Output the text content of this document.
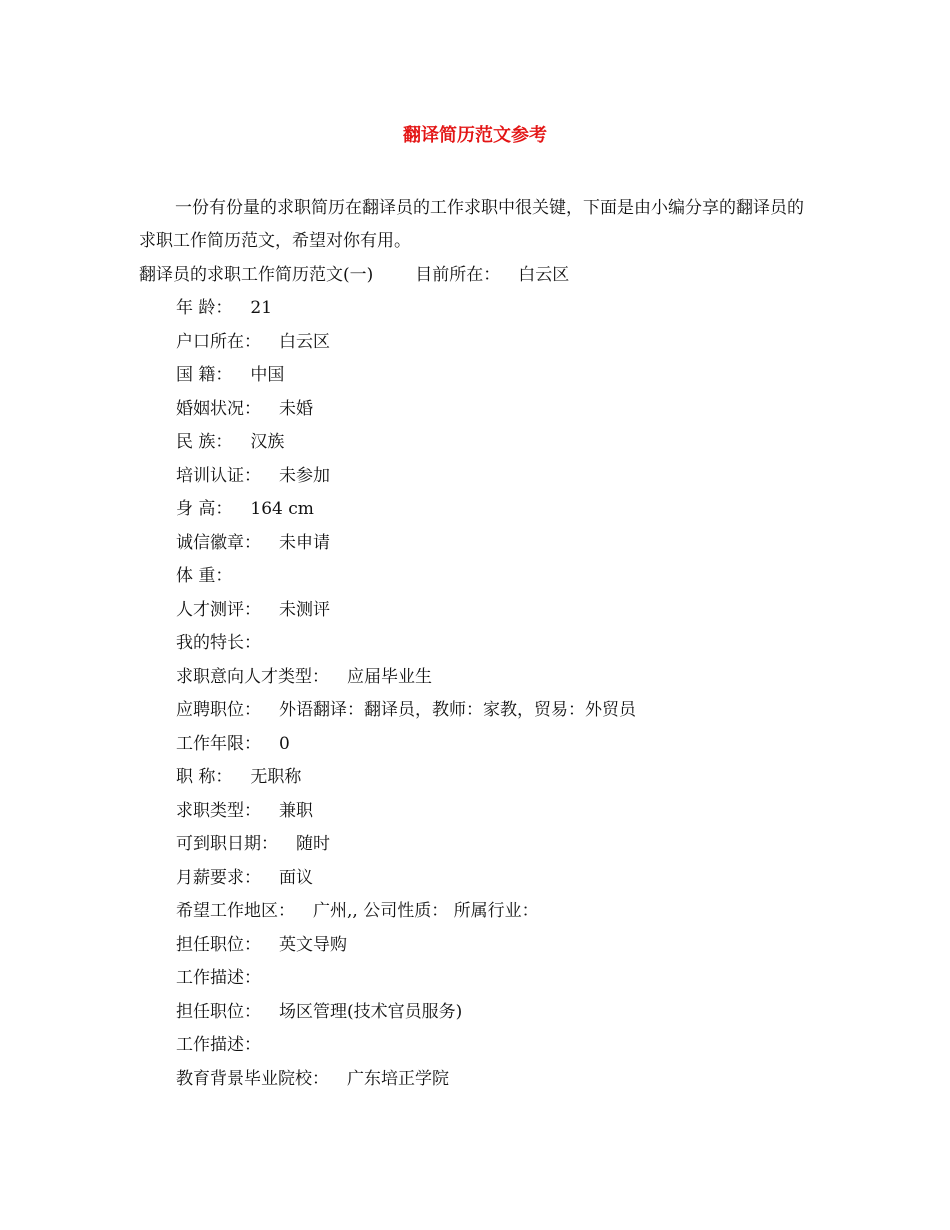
翻译简历范文参考
一份有份量的求职简历在翻译员的工作求职中很关键，下面是由小编分享的翻译员的求职工作简历范文，希望对你有用。
翻译员的求职工作简历范文(一) 目前所在： 白云区
年 龄： 21
户口所在： 白云区
国 籍： 中国
婚姻状况： 未婚
民 族： 汉族
培训认证： 未参加
身 高： 164 cm
诚信徽章： 未申请
体 重：
人才测评： 未测评
我的特长：
求职意向人才类型： 应届毕业生
应聘职位： 外语翻译：翻译员，教师：家教，贸易：外贸员
工作年限： 0
职 称： 无职称
求职类型： 兼职
可到职日期： 随时
月薪要求： 面议
希望工作地区： 广州,, 公司性质： 所属行业：
担任职位： 英文导购
工作描述：
担任职位： 场区管理(技术官员服务)
工作描述：
教育背景毕业院校： 广东培正学院
